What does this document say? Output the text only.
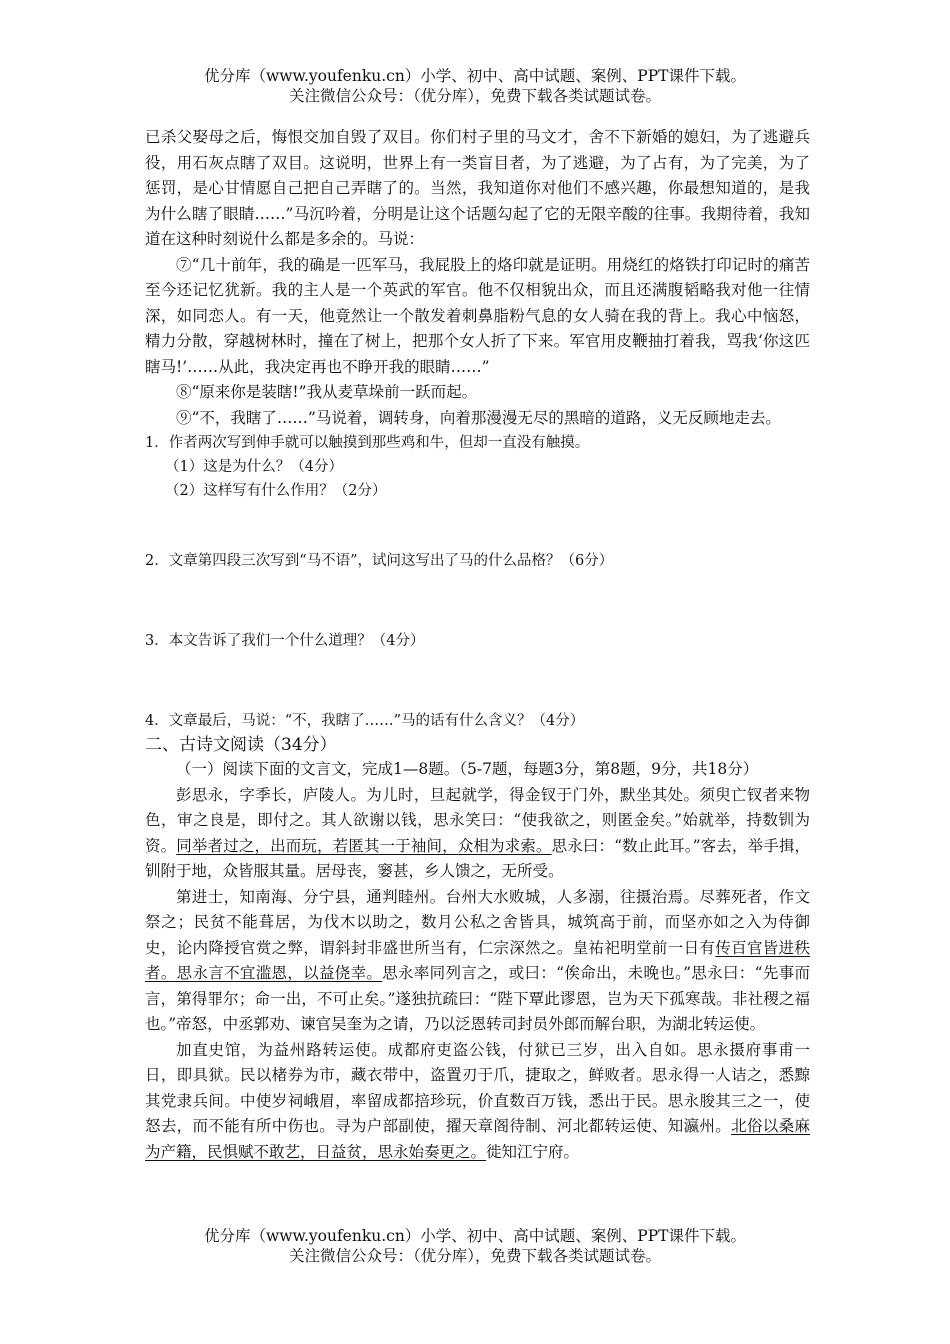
优分库（www.youfenku.cn）小学、初中、高中试题、案例、PPT课件下载。
关注微信公众号：（优分库），免费下载各类试题试卷。

已杀父娶母之后，悔恨交加自毁了双目。你们村子里的马文才，舍不下新婚的媳妇，为了逃避兵役，用石灰点瞎了双目。这说明，世界上有一类盲目者，为了逃避，为了占有，为了完美，为了惩罚，是心甘情愿自己把自己弄瞎了的。当然，我知道你对他们不感兴趣，你最想知道的，是我为什么瞎了眼睛……”马沉吟着，分明是让这个话题勾起了它的无限辛酸的往事。我期待着，我知道在这种时刻说什么都是多余的。马说：

⑦“几十前年，我的确是一匹军马，我屁股上的烙印就是证明。用烧红的烙铁打印记时的痛苦至今还记忆犹新。我的主人是一个英武的军官。他不仅相貌出众，而且还满腹韬略我对他一往情深，如同恋人。有一天，他竟然让一个散发着刺鼻脂粉气息的女人骑在我的背上。我心中恼怒，精力分散，穿越树林时，撞在了树上，把那个女人折了下来。军官用皮鞭抽打着我，骂我‘你这匹瞎马!’……从此，我决定再也不睁开我的眼睛……”

⑧“原来你是装瞎!”我从麦草垛前一跃而起。

⑨“不，我瞎了……”马说着，调转身，向着那漫漫无尽的黑暗的道路，义无反顾地走去。

1．作者两次写到伸手就可以触摸到那些鸡和牛，但却一直没有触摸。

（1）这是为什么？（4分）

（2）这样写有什么作用？（2分）

2．文章第四段三次写到“马不语”，试问这写出了马的什么品格？（6分）

3．本文告诉了我们一个什么道理？（4分）

4．文章最后，马说：“不，我瞎了……”马的话有什么含义？（4分）

二、古诗文阅读（34分）

（一）阅读下面的文言文，完成1—8题。（5-7题，每题3分，第8题，9分，共18分）

彭思永，字季长，庐陵人。为儿时，旦起就学，得金钗于门外，默坐其处。须臾亡钗者来物色，审之良是，即付之。其人欲谢以钱，思永笑曰：“使我欲之，则匿金矣。”始就举，持数钏为资。同举者过之，出而玩，若匿其一于袖间，众相为求索。思永曰：“数止此耳。”客去，举手揖，钏附于地，众皆服其量。居母丧，窭甚，乡人馈之，无所受。

第进士，知南海、分宁县，通判睦州。台州大水败城，人多溺，往摄治焉。尽葬死者，作文祭之；民贫不能葺居，为伐木以助之，数月公私之舍皆具，城筑高于前，而坚亦如之入为侍御史，论内降授官赏之弊，谓斜封非盛世所当有，仁宗深然之。皇祐祀明堂前一日有传百官皆进秩者。思永言不宜滥恩，以益侥幸。思永率同列言之，或曰：“俟命出，未晚也。”思永曰：“先事而言，第得罪尔；命一出，不可止矣。”遂独抗疏曰：“陛下覃此谬恩，岂为天下孤寒哉。非社稷之福也。”帝怒，中丞郭劝、谏官吴奎为之请，乃以泛恩转司封员外郎而解台职，为湖北转运使。

加直史馆，为益州路转运使。成都府吏盗公钱，付狱已三岁，出入自如。思永摄府事甫一日，即具狱。民以楮券为市，藏衣带中，盗置刃于爪，捷取之，鲜败者。思永得一人诘之，悉黥其党隶兵间。中使岁祠峨眉，率留成都掊珍玩，价直数百万钱，悉出于民。思永朘其三之一，使怒去，而不能有所中伤也。寻为户部副使，擢天章阁待制、河北都转运使、知瀛州。北俗以桑麻为产籍，民惧赋不敢艺，日益贫，思永始奏更之。徙知江宁府。

优分库（www.youfenku.cn）小学、初中、高中试题、案例、PPT课件下载。
关注微信公众号：（优分库），免费下载各类试题试卷。
